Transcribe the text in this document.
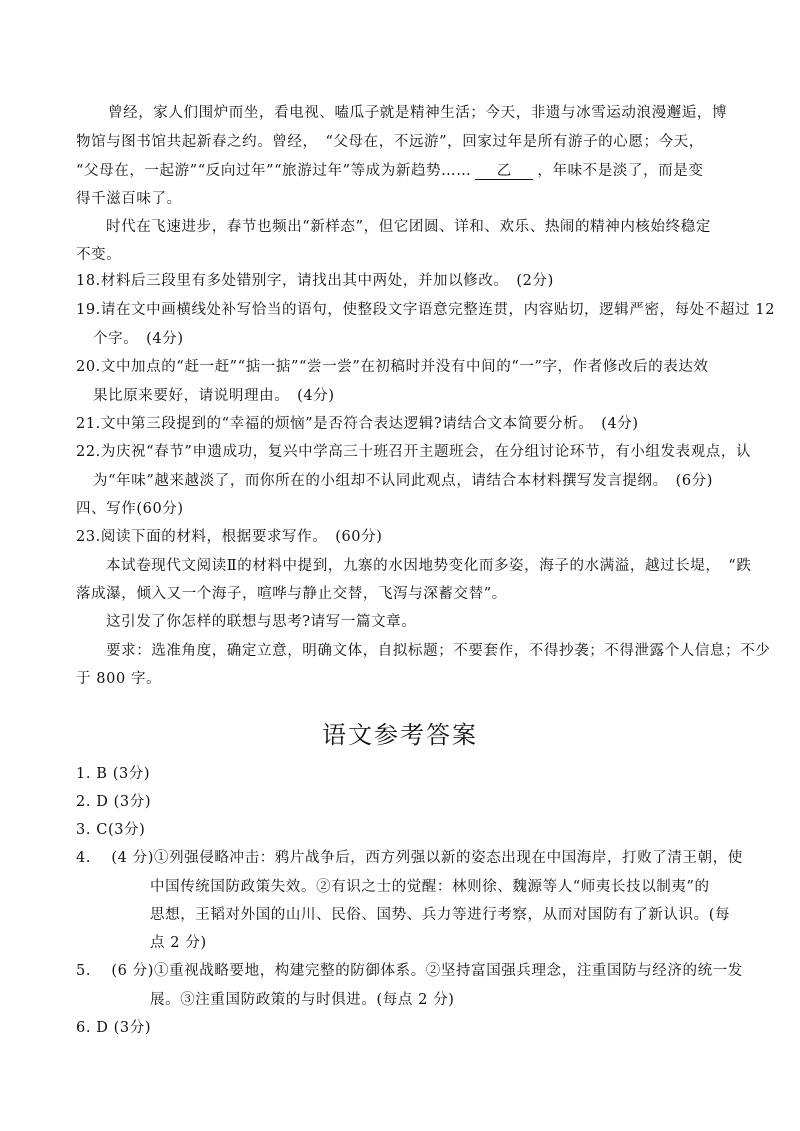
曾经，家人们围炉而坐，看电视、嗑瓜子就是精神生活；今天，非遗与冰雪运动浪漫邂逅，博
物馆与图书馆共起新春之约。曾经，　“父母在，不远游”，回家过年是所有游子的心愿；今天，
“父母在，一起游”“反向过年”“旅游过年”等成为新趋势…… 乙 ，年味不是淡了，而是变
得千滋百味了。
时代在飞速进步，春节也频出“新样态”，但它团圆、详和、欢乐、热闹的精神内核始终稳定
不变。
18.材料后三段里有多处错别字，请找出其中两处，并加以修改。　(2分)
19.请在文中画横线处补写恰当的语句，使整段文字语意完整连贯，内容贴切，逻辑严密，每处不超过 12
个字。　(4分)
20.文中加点的“赶一赶”“掂一掂”“尝一尝”在初稿时并没有中间的“一”字，作者修改后的表达效
果比原来要好，请说明理由。　(4分)
21.文中第三段提到的“幸福的烦恼”是否符合表达逻辑?请结合文本简要分析。　(4分)
22.为庆祝“春节”申遗成功，复兴中学高三十班召开主题班会，在分组讨论环节，有小组发表观点，认
为“年味”越来越淡了，而你所在的小组却不认同此观点，请结合本材料撰写发言提纲。　(6分)
四、写作(60分)
23.阅读下面的材料，根据要求写作。　(60分)
本试卷现代文阅读Ⅱ的材料中提到，九寨的水因地势变化而多姿，海子的水满溢，越过长堤，　“跌
落成瀑，倾入又一个海子，喧哗与静止交替，飞泻与深蓄交替”。
这引发了你怎样的联想与思考?请写一篇文章。
要求：选准角度，确定立意，明确文体，自拟标题；不要套作，不得抄袭；不得泄露个人信息；不少
于 800 字。
语文参考答案
1. B (3分)
2. D (3分)
3. C(3分)
4.　 (4 分)①列强侵略冲击：鸦片战争后，西方列强以新的姿态出现在中国海岸，打败了清王朝，使
中国传统国防政策失效。②有识之士的觉醒：林则徐、魏源等人“师夷长技以制夷”的
思想，王韬对外国的山川、民俗、国势、兵力等进行考察，从而对国防有了新认识。(每
点 2 分)
5.　 (6 分)①重视战略要地，构建完整的防御体系。②坚持富国强兵理念，注重国防与经济的统一发
展。③注重国防政策的与时俱进。(每点 2 分)
6. D (3分)
